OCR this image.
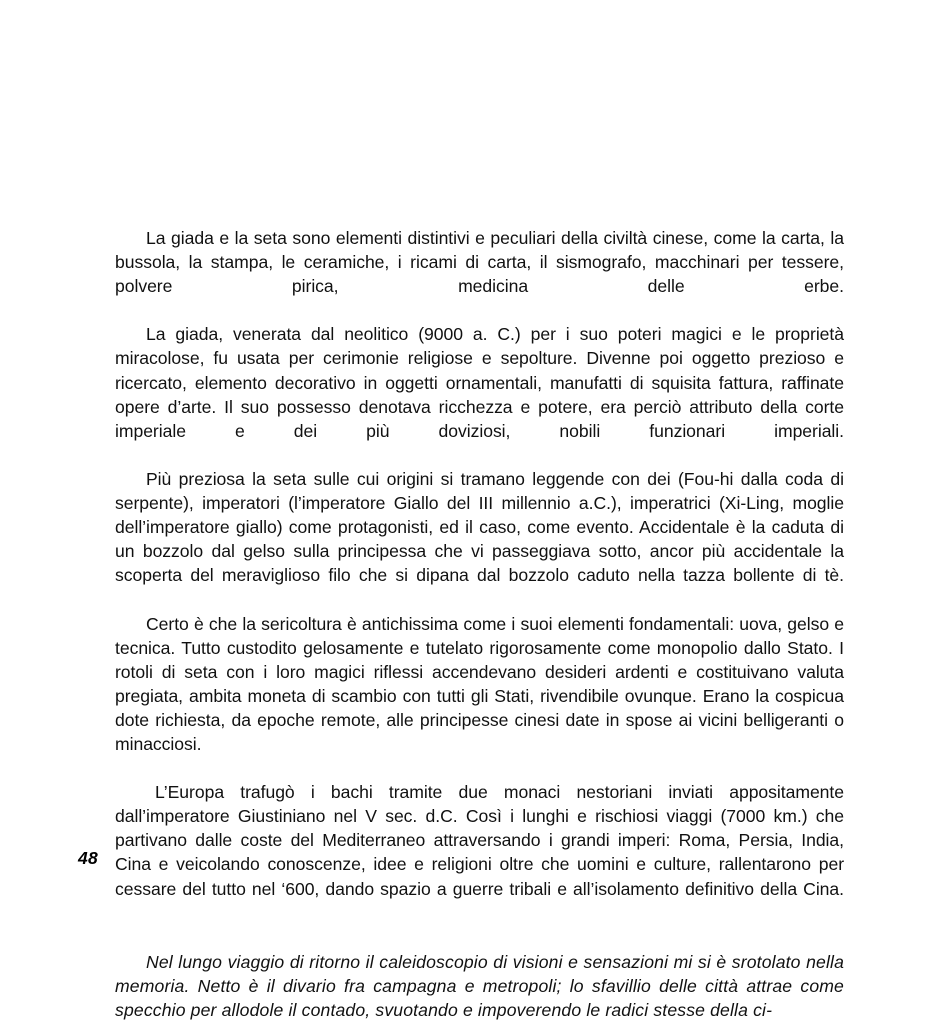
48

La giada e la seta sono elementi distintivi e peculiari della civiltà cinese, come la carta, la bussola, la stampa, le ceramiche, i ricami di carta, il sismografo, macchinari per tessere, polvere pirica, medicina delle erbe.

La giada, venerata dal neolitico (9000 a. C.) per i suo poteri magici e le proprietà miracolose, fu usata per cerimonie religiose e sepolture. Divenne poi oggetto prezioso e ricercato, elemento decorativo in oggetti ornamentali, manufatti di squisita fattura, raffinate opere d’arte. Il suo possesso denotava ricchezza e potere, era perciò attributo della corte imperiale e dei più doviziosi, nobili funzionari imperiali.

Più preziosa la seta sulle cui origini si tramano leggende con dei (Fou-hi dalla coda di serpente), imperatori (l’imperatore Giallo del III millennio a.C.), imperatrici (Xi-Ling, moglie dell’imperatore giallo) come protagonisti, ed il caso, come evento. Accidentale è la caduta di un bozzolo dal gelso sulla principessa che vi passeggiava sotto, ancor più accidentale la scoperta del meraviglioso filo che si dipana dal bozzolo caduto nella tazza bollente di tè.

Certo è che la sericoltura è antichissima come i suoi elementi fondamentali: uova, gelso e tecnica. Tutto custodito gelosamente e tutelato rigorosamente come monopolio dallo Stato. I rotoli di seta con i loro magici riflessi accendevano desideri ardenti e costituivano valuta pregiata, ambita moneta di scambio con tutti gli Stati, rivendibile ovunque. Erano la cospicua dote richiesta, da epoche remote, alle principesse cinesi date in spose ai vicini belligeranti o minacciosi.

L’Europa trafugò i bachi tramite due monaci nestoriani inviati appositamente dall’imperatore Giustiniano nel V sec. d.C. Così i lunghi e rischiosi viaggi (7000 km.) che partivano dalle coste del Mediterraneo attraversando i grandi imperi: Roma, Persia, India, Cina e veicolando conoscenze, idee e religioni oltre che uomini e culture, rallentarono per cessare del tutto nel ‘600, dando spazio a guerre tribali e all’isolamento definitivo della Cina.

Nel lungo viaggio di ritorno il caleidoscopio di visioni e sensazioni mi si è srotolato nella memoria. Netto è il divario fra campagna e metropoli; lo sfavillio delle città attrae come specchio per allodole il contado, svuotando e impoverendo le radici stesse della ci-
